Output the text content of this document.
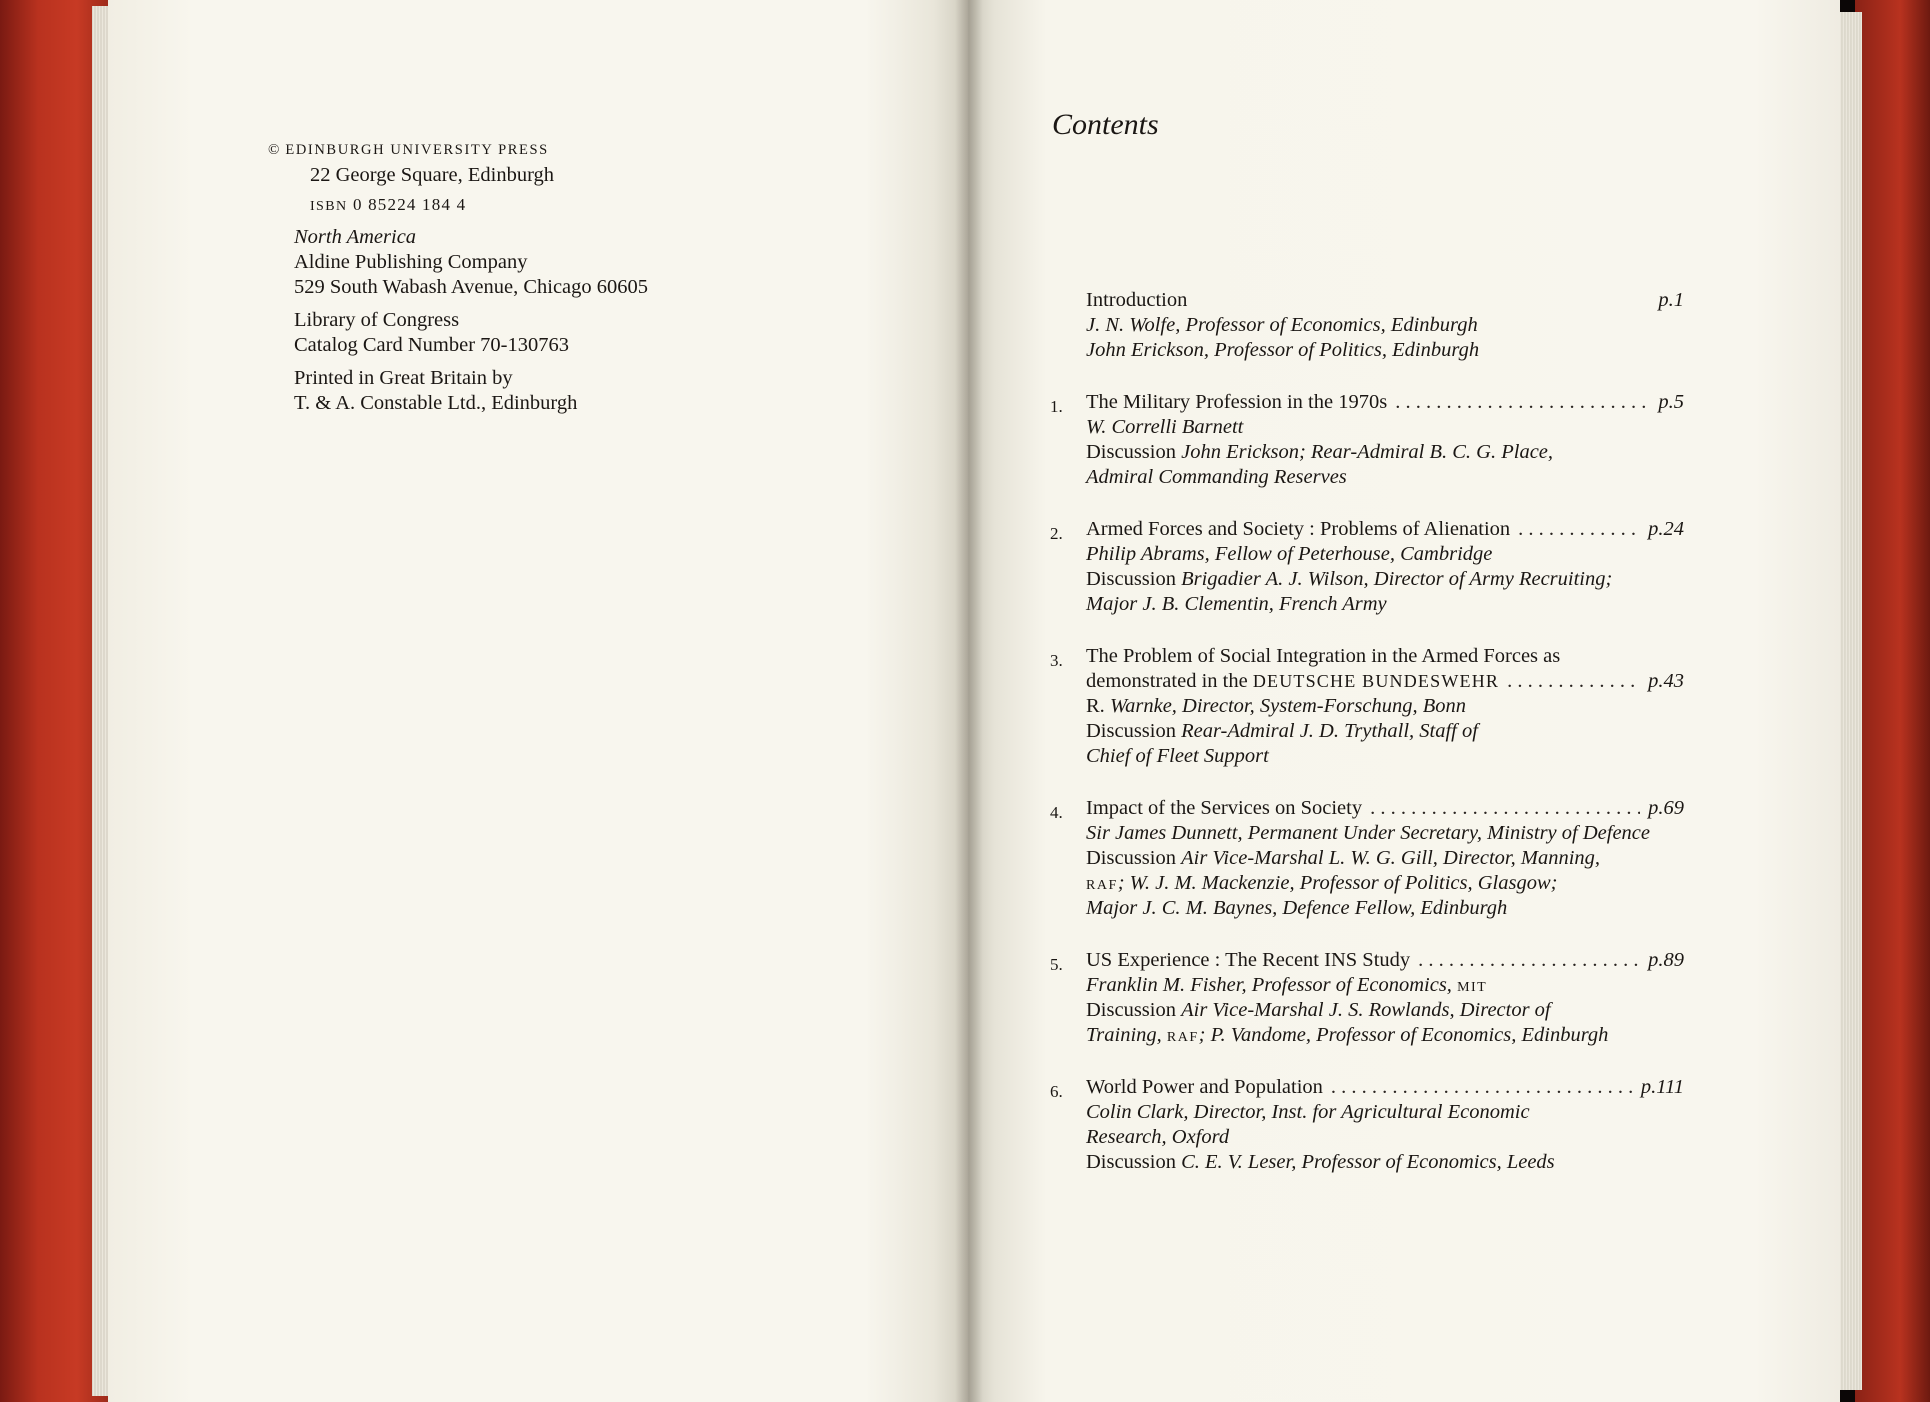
© EDINBURGH UNIVERSITY PRESS
22 George Square, Edinburgh
ISBN 0 85224 184 4
North America
Aldine Publishing Company
529 South Wabash Avenue, Chicago 60605
Library of Congress
Catalog Card Number 70-130763
Printed in Great Britain by
T. & A. Constable Ltd., Edinburgh
Contents
Introduction	p.1
J. N. Wolfe, Professor of Economics, Edinburgh
John Erickson, Professor of Politics, Edinburgh
1. The Military Profession in the 1970s . . .	p.5
W. Correlli Barnett
Discussion John Erickson; Rear-Admiral B. C. G. Place,
Admiral Commanding Reserves
2. Armed Forces and Society : Problems of Alienation . . .	p.24
Philip Abrams, Fellow of Peterhouse, Cambridge
Discussion Brigadier A. J. Wilson, Director of Army Recruiting;
Major J. B. Clementin, French Army
3. The Problem of Social Integration in the Armed Forces as
demonstrated in the DEUTSCHE BUNDESWEHR . . .	p.43
R. Warnke, Director, System-Forschung, Bonn
Discussion Rear-Admiral J. D. Trythall, Staff of
Chief of Fleet Support
4. Impact of the Services on Society . . .	p.69
Sir James Dunnett, Permanent Under Secretary, Ministry of Defence
Discussion Air Vice-Marshal L. W. G. Gill, Director, Manning,
raf; W. J. M. Mackenzie, Professor of Politics, Glasgow;
Major J. C. M. Baynes, Defence Fellow, Edinburgh
5. US Experience : The Recent INS Study . . .	p.89
Franklin M. Fisher, Professor of Economics, mit
Discussion Air Vice-Marshal J. S. Rowlands, Director of
Training, raf; P. Vandome, Professor of Economics, Edinburgh
6. World Power and Population . . .	p.111
Colin Clark, Director, Inst. for Agricultural Economic
Research, Oxford
Discussion C. E. V. Leser, Professor of Economics, Leeds
